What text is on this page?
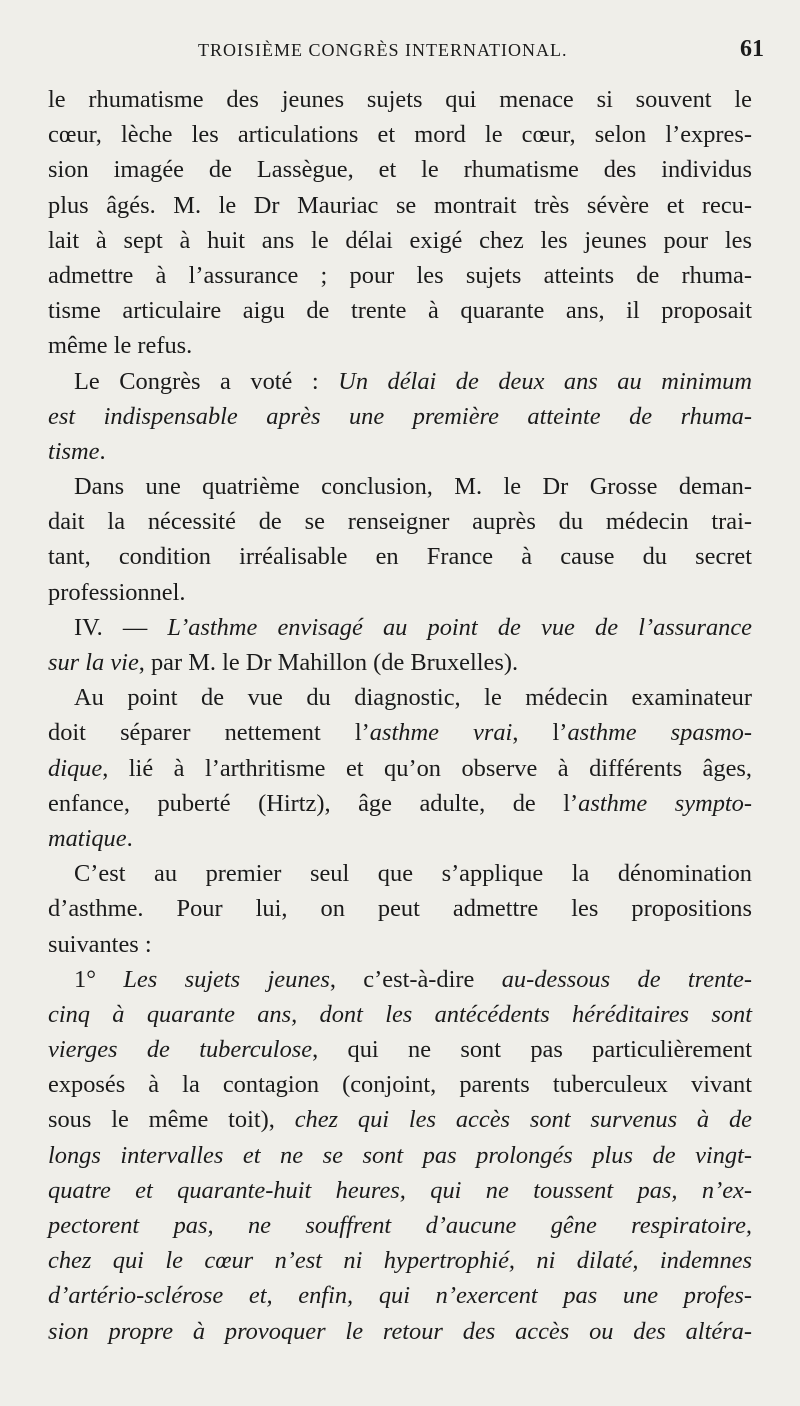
TROISIÈME CONGRÈS INTERNATIONAL.	61
le rhumatisme des jeunes sujets qui menace si souvent le
cœur, lèche les articulations et mord le cœur, selon l’expres-
sion imagée de Lassègue, et le rhumatisme des individus
plus âgés. M. le Dr Mauriac se montrait très sévère et recu-
lait à sept à huit ans le délai exigé chez les jeunes pour les
admettre à l’assurance ; pour les sujets atteints de rhuma-
tisme articulaire aigu de trente à quarante ans, il proposait
même le refus.
Le Congrès a voté : Un délai de deux ans au minimum
est indispensable après une première atteinte de rhuma-
tisme.
Dans une quatrième conclusion, M. le Dr Grosse deman-
dait la nécessité de se renseigner auprès du médecin trai-
tant, condition irréalisable en France à cause du secret
professionnel.
IV. — L’asthme envisagé au point de vue de l’assurance
sur la vie, par M. le Dr Mahillon (de Bruxelles).
Au point de vue du diagnostic, le médecin examinateur
doit séparer nettement l’asthme vrai, l’asthme spasmo-
dique, lié à l’arthritisme et qu’on observe à différents âges,
enfance, puberté (Hirtz), âge adulte, de l’asthme sympto-
matique.
C’est au premier seul que s’applique la dénomination
d’asthme. Pour lui, on peut admettre les propositions
suivantes :
1° Les sujets jeunes, c’est-à-dire au-dessous de trente-
cinq à quarante ans, dont les antécédents héréditaires sont
vierges de tuberculose, qui ne sont pas particulièrement
exposés à la contagion (conjoint, parents tuberculeux vivant
sous le même toit), chez qui les accès sont survenus à de
longs intervalles et ne se sont pas prolongés plus de vingt-
quatre et quarante-huit heures, qui ne toussent pas, n’ex-
pectorent pas, ne souffrent d’aucune gêne respiratoire,
chez qui le cœur n’est ni hypertrophié, ni dilaté, indemnes
d’artério-sclérose et, enfin, qui n’exercent pas une profes-
sion propre à provoquer le retour des accès ou des altéra-
